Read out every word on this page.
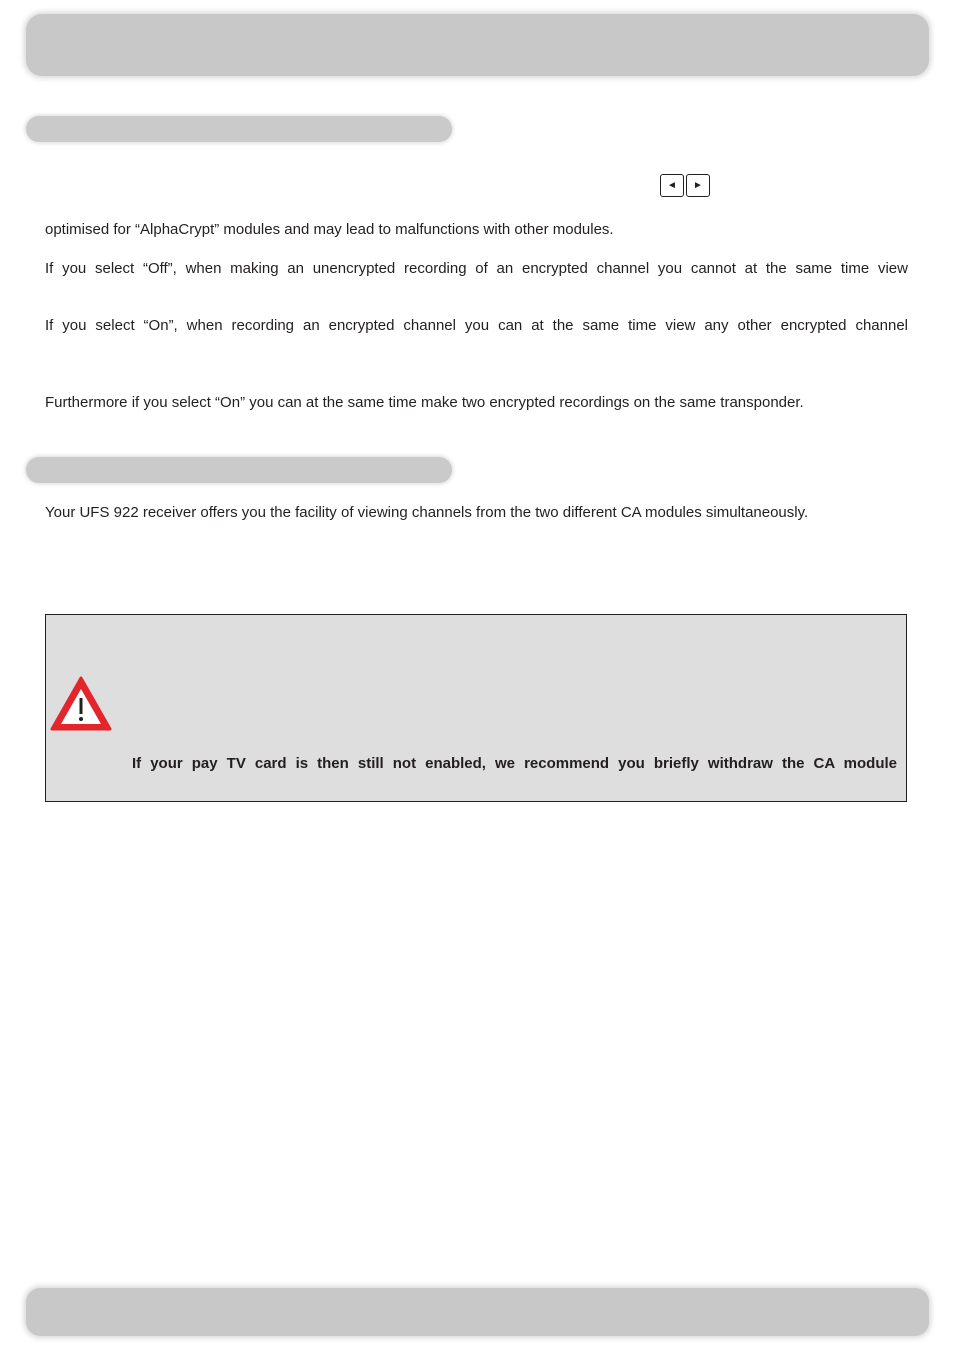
◄	►

optimised for “AlphaCrypt” modules and may lead to malfunctions with other modules.

If you select “Off”, when making an unencrypted recording of an encrypted channel you cannot at the same time view

If you select “On”, when recording an encrypted channel you can at the same time view any other encrypted channel

Furthermore if you select “On” you can at the same time make two encrypted recordings on the same transponder.

Your UFS 922 receiver offers you the facility of viewing channels from the two different CA modules simultaneously.

If your pay TV card is then still not enabled, we recommend you briefly withdraw the CA module
